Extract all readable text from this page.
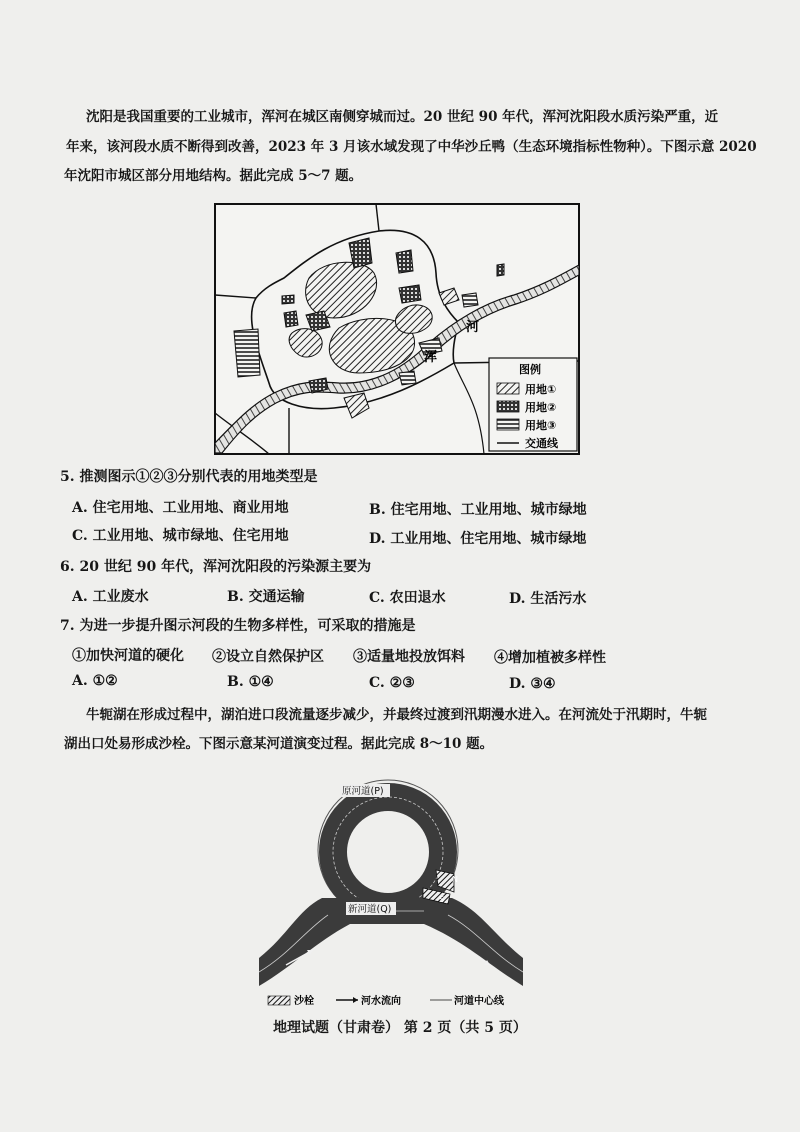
沈阳是我国重要的工业城市，浑河在城区南侧穿城而过。20 世纪 90 年代，浑河沈阳段水质污染严重，近
年来，该河段水质不断得到改善，2023 年 3 月该水域发现了中华沙丘鸭（生态环境指标性物种）。下图示意 2020
年沈阳市城区部分用地结构。据此完成 5～7 题。
河
浑
图例
用地①
用地②
用地③
交通线
5. 推测图示①②③分别代表的用地类型是
A. 住宅用地、工业用地、商业用地	B. 住宅用地、工业用地、城市绿地
C. 工业用地、城市绿地、住宅用地	D. 工业用地、住宅用地、城市绿地
6. 20 世纪 90 年代，浑河沈阳段的污染源主要为
A. 工业废水	B. 交通运输	C. 农田退水	D. 生活污水
7. 为进一步提升图示河段的生物多样性，可采取的措施是
①加快河道的硬化 ②设立自然保护区 ③适量地投放饵料 ④增加植被多样性
A. ①②	B. ①④	C. ②③	D. ③④
牛轭湖在形成过程中，湖泊进口段流量逐步减少，并最终过渡到汛期漫水进入。在河流处于汛期时，牛轭
湖出口处易形成沙栓。下图示意某河道演变过程。据此完成 8～10 题。
原河道(P)
新河道(Q)
S
N
沙栓	河水流向	河道中心线
地理试题（甘肃卷） 第 2 页（共 5 页）
